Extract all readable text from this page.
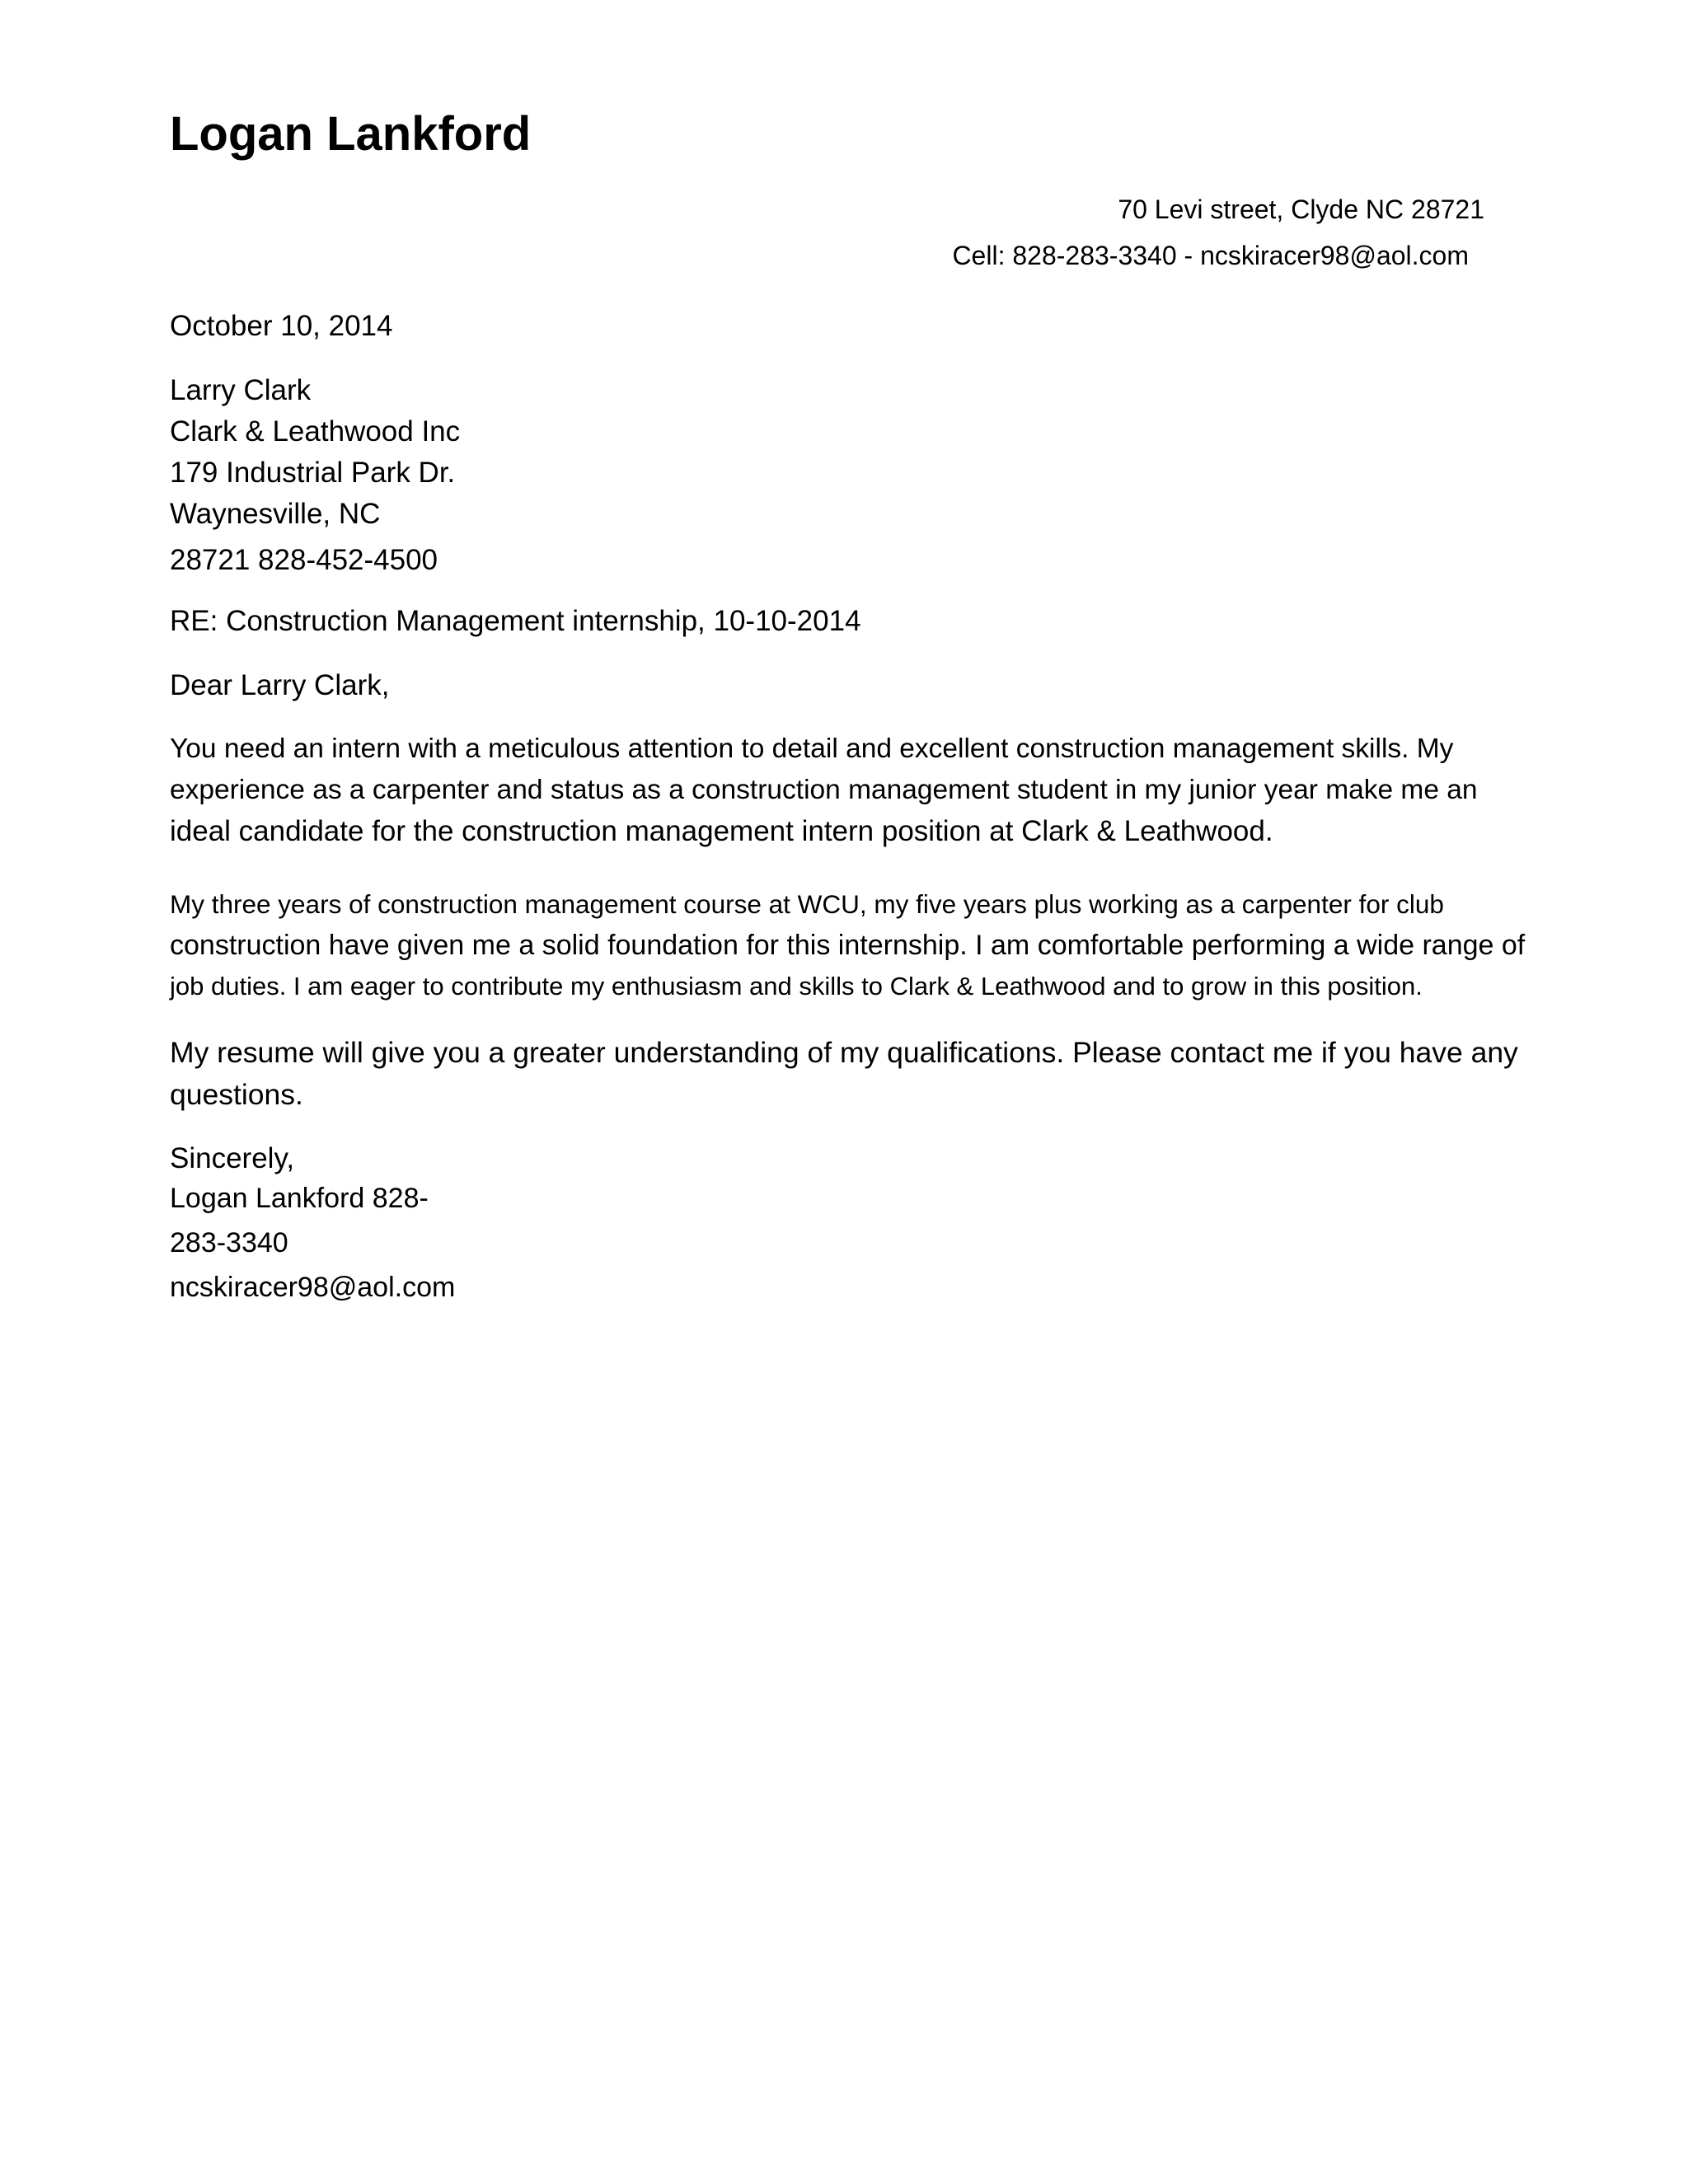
Logan Lankford
70 Levi street, Clyde NC 28721
Cell: 828-283-3340 - ncskiracer98@aol.com
October 10, 2014
Larry Clark
Clark & Leathwood Inc
179 Industrial Park Dr.
Waynesville, NC
28721 828-452-4500
RE: Construction Management internship, 10-10-2014
Dear Larry Clark,
You need an intern with a meticulous attention to detail and excellent construction management skills. My
experience as a carpenter and status as a construction management student in my junior year make me an
ideal candidate for the construction management intern position at Clark & Leathwood.
My three years of construction management course at WCU, my five years plus working as a carpenter for club
construction have given me a solid foundation for this internship. I am comfortable performing a wide range of
job duties. I am eager to contribute my enthusiasm and skills to Clark & Leathwood and to grow in this position.
My resume will give you a greater understanding of my qualifications. Please contact me if you have any
questions.
Sincerely,
Logan Lankford 828-
283-3340
ncskiracer98@aol.com
